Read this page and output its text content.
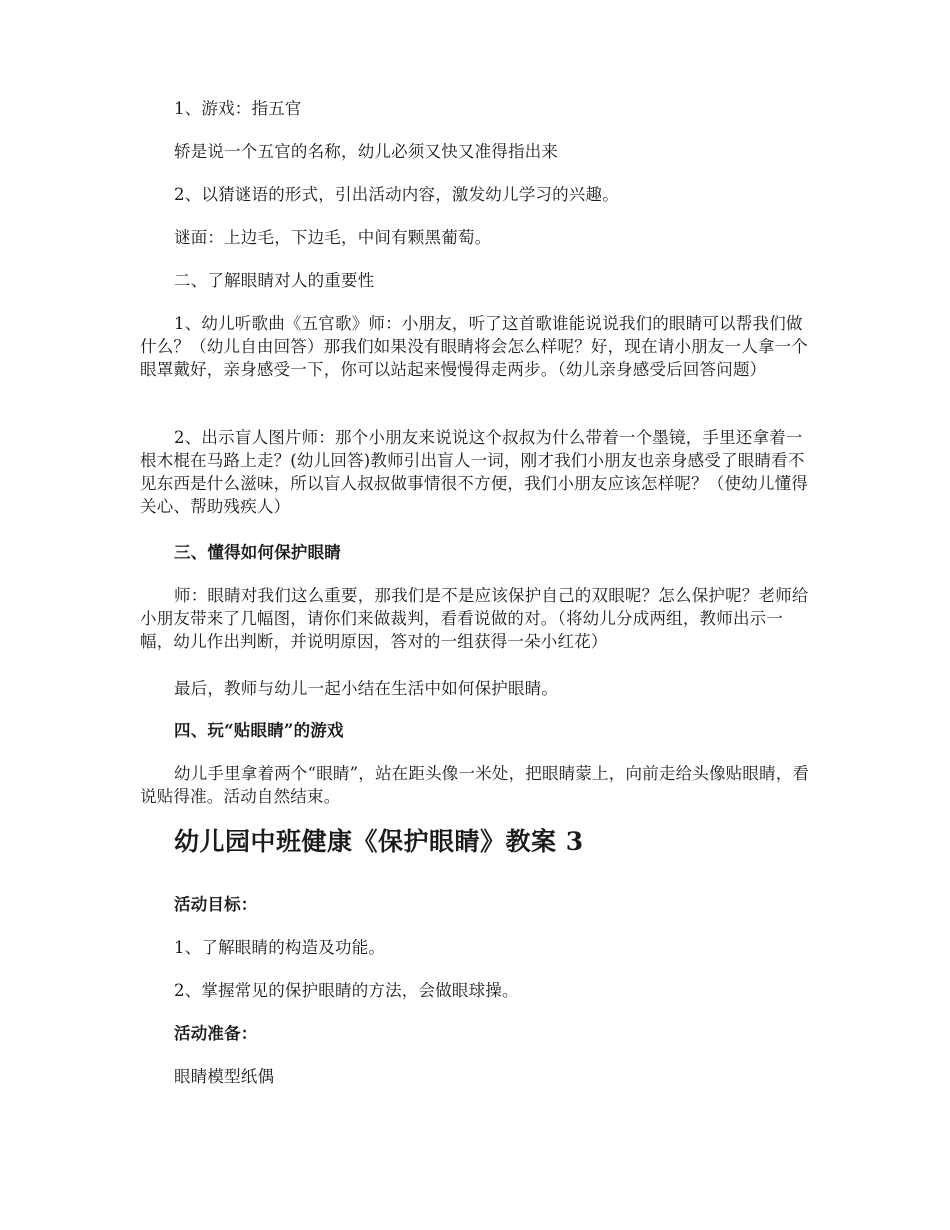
1、游戏：指五官

轿是说一个五官的名称，幼儿必须又快又准得指出来

2、以猜谜语的形式，引出活动内容，激发幼儿学习的兴趣。

谜面：上边毛，下边毛，中间有颗黑葡萄。

二、了解眼睛对人的重要性

1、幼儿听歌曲《五官歌》师：小朋友，听了这首歌谁能说说我们的眼睛可以帮我们做什么？（幼儿自由回答）那我们如果没有眼睛将会怎么样呢？好，现在请小朋友一人拿一个眼罩戴好，亲身感受一下，你可以站起来慢慢得走两步。（幼儿亲身感受后回答问题）

2、出示盲人图片师：那个小朋友来说说这个叔叔为什么带着一个墨镜，手里还拿着一根木棍在马路上走？(幼儿回答)教师引出盲人一词，刚才我们小朋友也亲身感受了眼睛看不见东西是什么滋味，所以盲人叔叔做事情很不方便，我们小朋友应该怎样呢？（使幼儿懂得关心、帮助残疾人）

三、懂得如何保护眼睛

师：眼睛对我们这么重要，那我们是不是应该保护自己的双眼呢？怎么保护呢？老师给小朋友带来了几幅图，请你们来做裁判，看看说做的对。（将幼儿分成两组，教师出示一幅，幼儿作出判断，并说明原因，答对的一组获得一朵小红花）

最后，教师与幼儿一起小结在生活中如何保护眼睛。

四、玩“贴眼睛”的游戏

幼儿手里拿着两个“眼睛”，站在距头像一米处，把眼睛蒙上，向前走给头像贴眼睛，看说贴得准。活动自然结束。

幼儿园中班健康《保护眼睛》教案 3

活动目标：

1、了解眼睛的构造及功能。

2、掌握常见的保护眼睛的方法，会做眼球操。

活动准备：

眼睛模型纸偶
